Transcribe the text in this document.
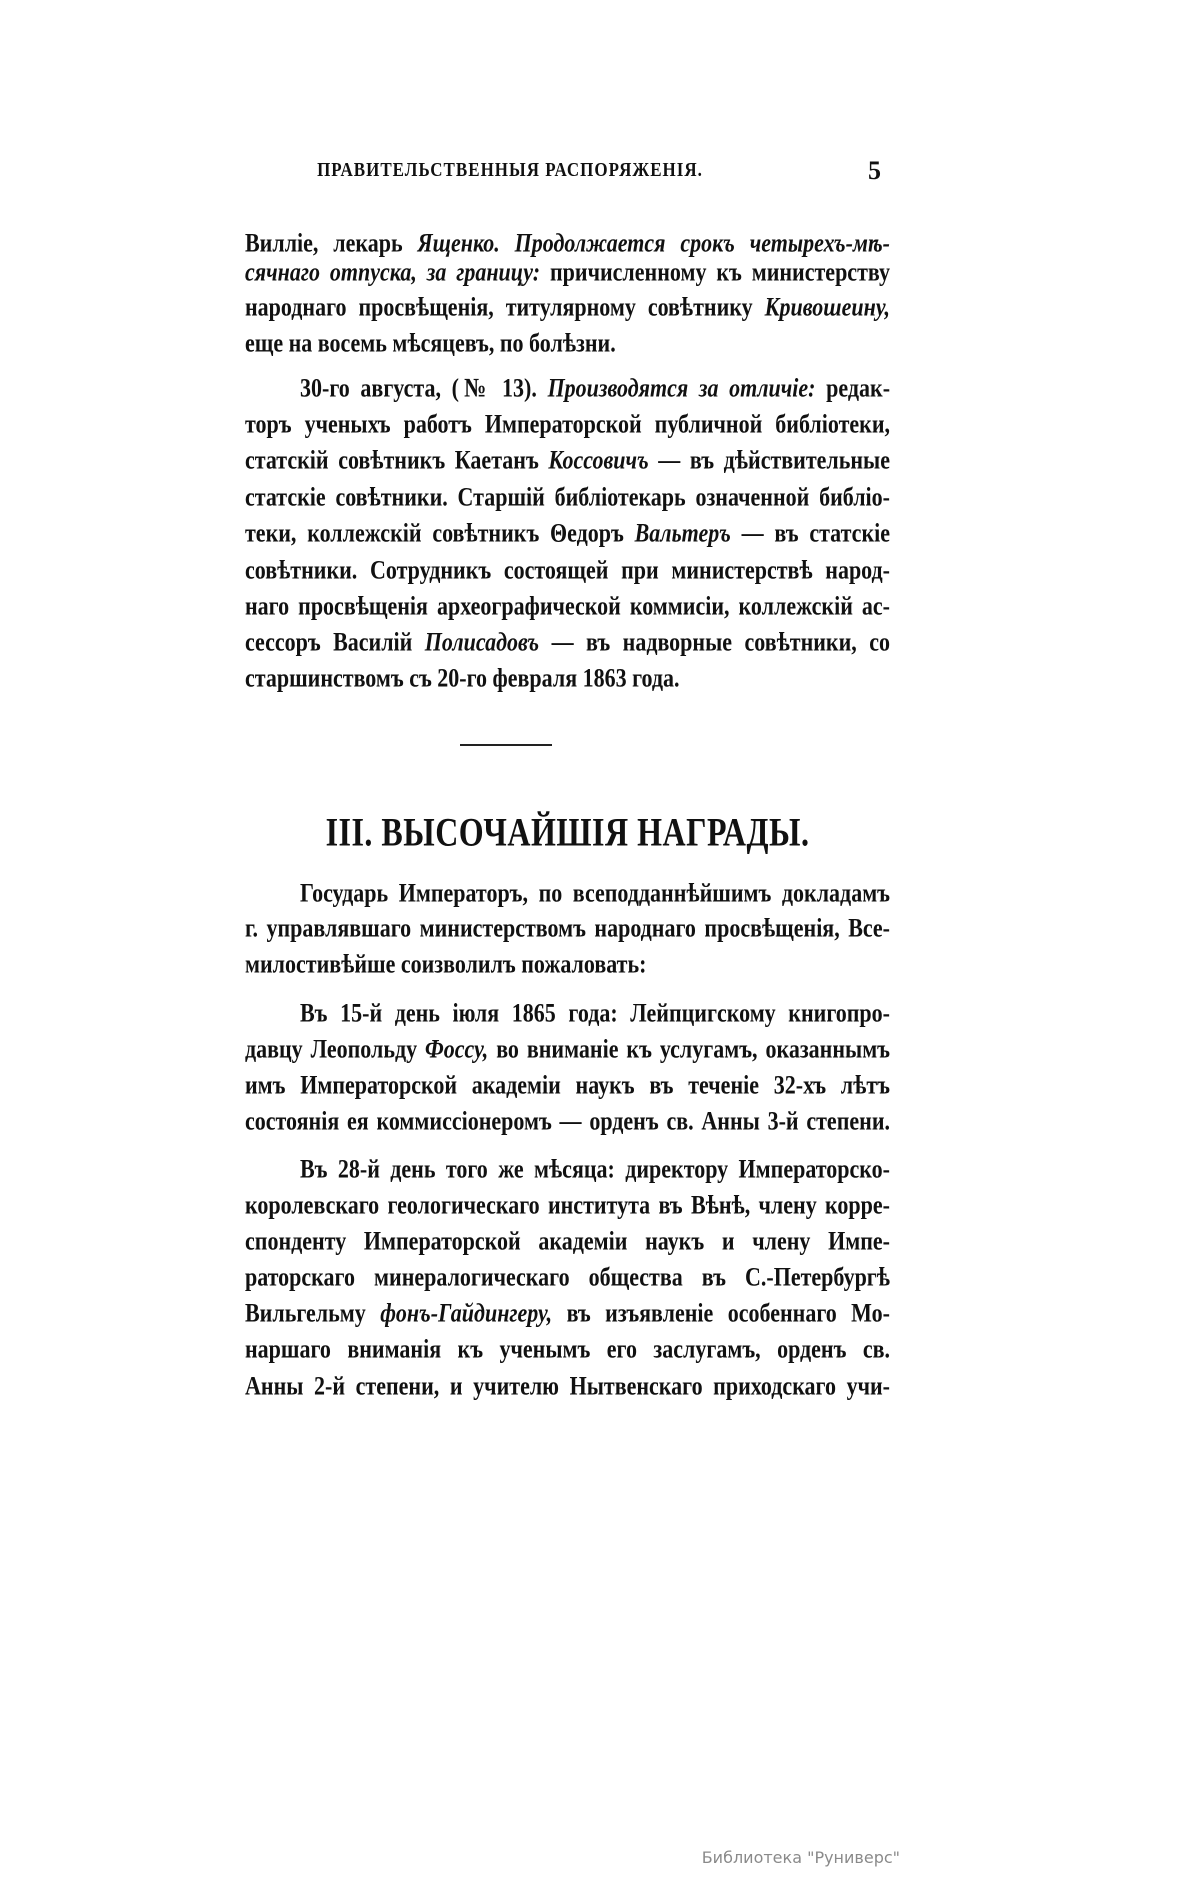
ПРАВИТЕЛЬСТВЕННЫЯ РАСПОРЯЖЕНІЯ.	5
Вилліе, лекарь Ященко. Продолжается срокъ четырехъ-мѣ-
сячнаго отпуска, за границу: причисленному къ министерству
народнаго просвѣщенія, титулярному совѣтнику Кривошеину,
еще на восемь мѣсяцевъ, по болѣзни.
30-го августа, (№ 13). Производятся за отличіе: редак-
торъ ученыхъ работъ Императорской публичной библіотеки,
статскій совѣтникъ Каетанъ Коссовичъ — въ дѣйствительные
статскіе совѣтники. Старшій библіотекарь означенной библіо-
теки, коллежскій совѣтникъ Θедоръ Вальтеръ — въ статскіе
совѣтники. Сотрудникъ состоящей при министерствѣ народ-
наго просвѣщенія археографической коммисіи, коллежскій ас-
сессоръ Василій Полисадовъ — въ надворные совѣтники, со
старшинствомъ съ 20-го февраля 1863 года.
Государь Императоръ, по всеподданнѣйшимъ докладамъ
г. управлявшаго министерствомъ народнаго просвѣщенія, Все-
милостивѣйше соизволилъ пожаловать:
Въ 15-й день іюля 1865 года: Лейпцигскому книгопро-
давцу Леопольду Фоссу, во вниманіе къ услугамъ, оказаннымъ
имъ Императорской академіи наукъ въ теченіе 32-хъ лѣтъ
состоянія ея коммиссіонеромъ — орденъ св. Анны 3-й степени.
Въ 28-й день того же мѣсяца: директору Императорско-
королевскаго геологическаго института въ Вѣнѣ, члену корре-
спонденту Императорской академіи наукъ и члену Импе-
раторскаго минералогическаго общества въ С.-Петербургѣ
Вильгельму фонъ-Гайдингеру, въ изъявленіе особеннаго Мо-
наршаго вниманія къ ученымъ его заслугамъ, орденъ св.
Анны 2-й степени, и учителю Нытвенскаго приходскаго учи-
III. ВЫСОЧАЙШІЯ НАГРАДЫ.
Библиотека "Руниверс"
